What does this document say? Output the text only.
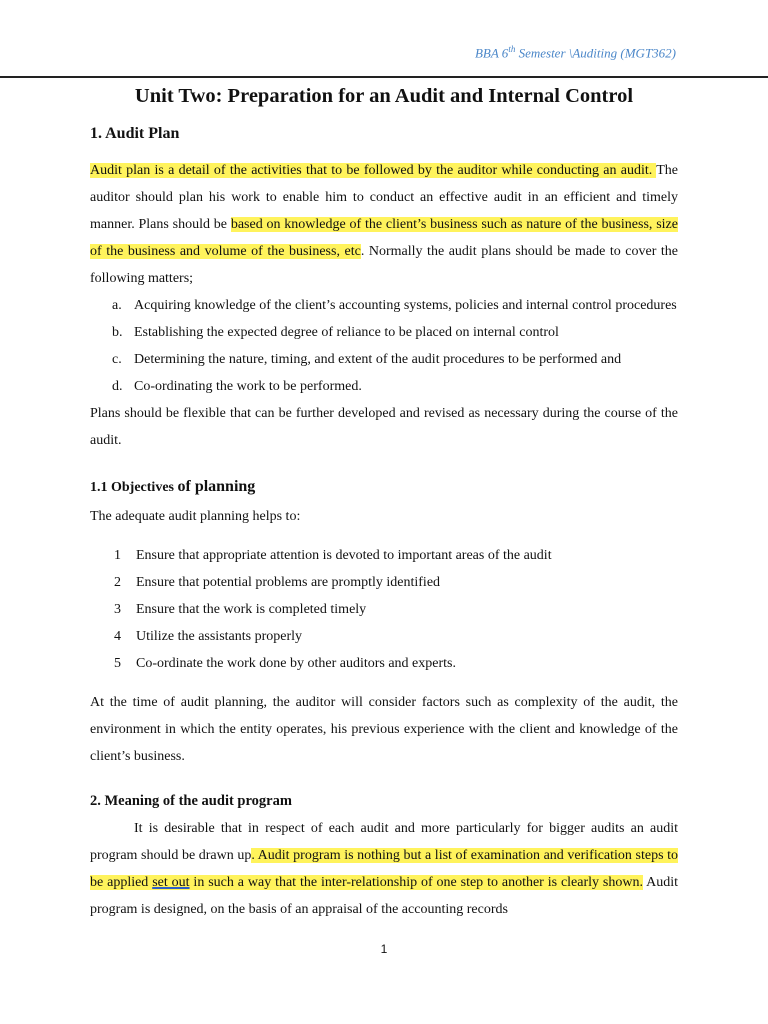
BBA 6th Semester \Auditing (MGT362)
Unit Two: Preparation for an Audit and Internal Control
1. Audit Plan

Audit plan is a detail of the activities that to be followed by the auditor while conducting an audit. The auditor should plan his work to enable him to conduct an effective audit in an efficient and timely manner. Plans should be based on knowledge of the client’s business such as nature of the business, size of the business and volume of the business, etc. Normally the audit plans should be made to cover the following matters;

a. Acquiring knowledge of the client’s accounting systems, policies and internal control procedures
b. Establishing the expected degree of reliance to be placed on internal control
c. Determining the nature, timing, and extent of the audit procedures to be performed and
d. Co-ordinating the work to be performed.

Plans should be flexible that can be further developed and revised as necessary during the course of the audit.

1.1 Objectives of planning

The adequate audit planning helps to:

1	Ensure that appropriate attention is devoted to important areas of the audit
2	Ensure that potential problems are promptly identified
3	Ensure that the work is completed timely
4	Utilize the assistants properly
5	Co-ordinate the work done by other auditors and experts.

At the time of audit planning, the auditor will consider factors such as complexity of the audit, the environment in which the entity operates, his previous experience with the client and knowledge of the client’s business.

2. Meaning of the audit program

It is desirable that in respect of each audit and more particularly for bigger audits an audit program should be drawn up. Audit program is nothing but a list of examination and verification steps to be applied set out in such a way that the inter-relationship of one step to another is clearly shown. Audit program is designed, on the basis of an appraisal of the accounting records

1
